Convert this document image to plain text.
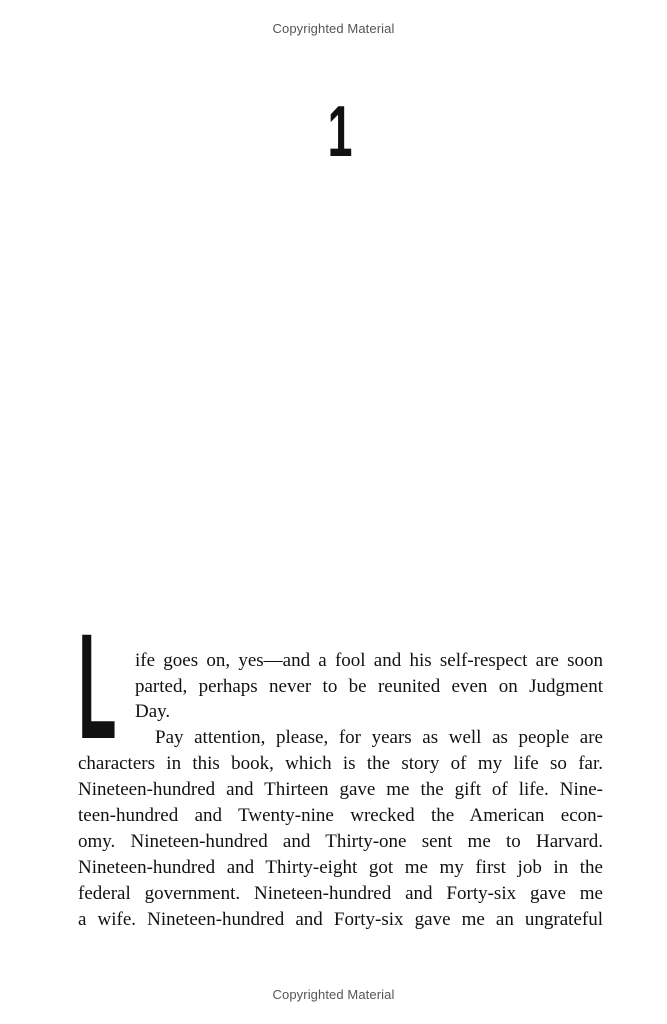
Copyrighted Material
1
L ife goes on, yes—and a fool and his self-respect are soon
parted, perhaps never to be reunited even on Judgment
Day.
Pay attention, please, for years as well as people are
characters in this book, which is the story of my life so far.
Nineteen-hundred and Thirteen gave me the gift of life. Nine-
teen-hundred and Twenty-nine wrecked the American econ-
omy. Nineteen-hundred and Thirty-one sent me to Harvard.
Nineteen-hundred and Thirty-eight got me my first job in the
federal government. Nineteen-hundred and Forty-six gave me
a wife. Nineteen-hundred and Forty-six gave me an ungrateful
Copyrighted Material
